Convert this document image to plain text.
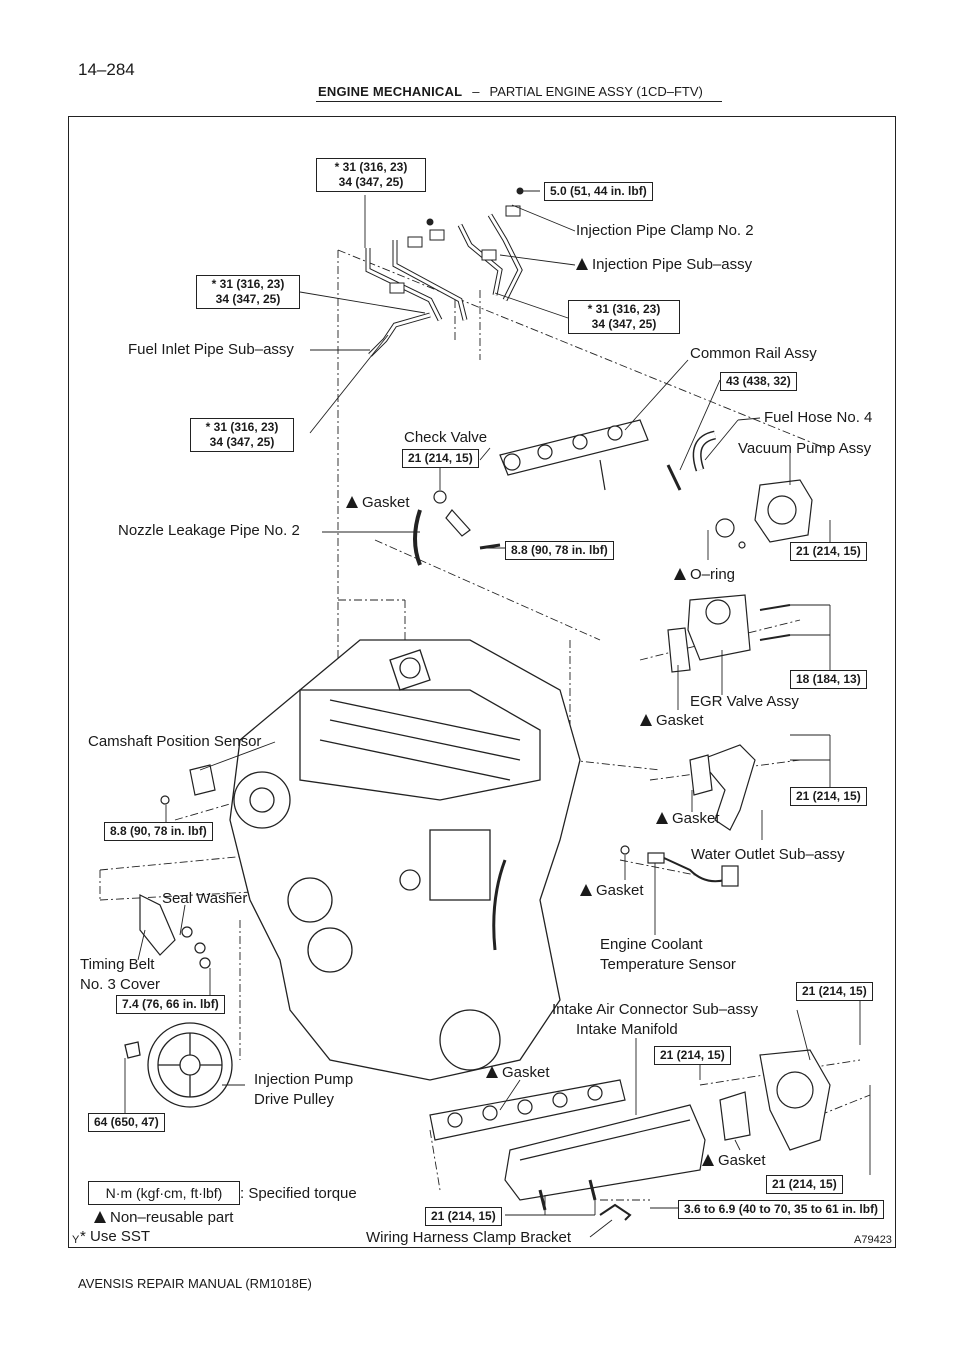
14–284
ENGINE MECHANICAL – PARTIAL ENGINE ASSY (1CD–FTV)
* 31 (316, 23)
34 (347, 25)
5.0 (51, 44 in. lbf)
* 31 (316, 23)
34 (347, 25)
* 31 (316, 23)
34 (347, 25)
* 31 (316, 23)
34 (347, 25)
43 (438, 32)
21 (214, 15)
8.8 (90, 78 in. lbf)	21 (214, 15)
18 (184, 13)
21 (214, 15)
8.8 (90, 78 in. lbf)
7.4 (76, 66 in. lbf)
21 (214, 15)
21 (214, 15)
64 (650, 47)
21 (214, 15)
21 (214, 15)	3.6 to 6.9 (40 to 70, 35 to 61 in. lbf)
Injection Pipe Clamp No. 2
Injection Pipe Sub–assy
Fuel Inlet Pipe Sub–assy	Common Rail Assy
Fuel Hose No. 4
Vacuum Pump Assy
Check Valve
Gasket
Nozzle Leakage Pipe No. 2
O–ring
EGR Valve Assy
Gasket
Camshaft Position Sensor
Gasket
Water Outlet Sub–assy
Gasket
Seal Washer
Engine Coolant
Temperature Sensor
Timing Belt
No. 3 Cover
Intake Air Connector Sub–assy
Intake Manifold
Injection Pump
Drive Pulley
Gasket
Gasket
Wiring Harness Clamp Bracket
N·m (kgf·cm, ft·lbf)	: Specified torque
Non–reusable part
* Use SST
Y	A79423
AVENSIS REPAIR MANUAL (RM1018E)
